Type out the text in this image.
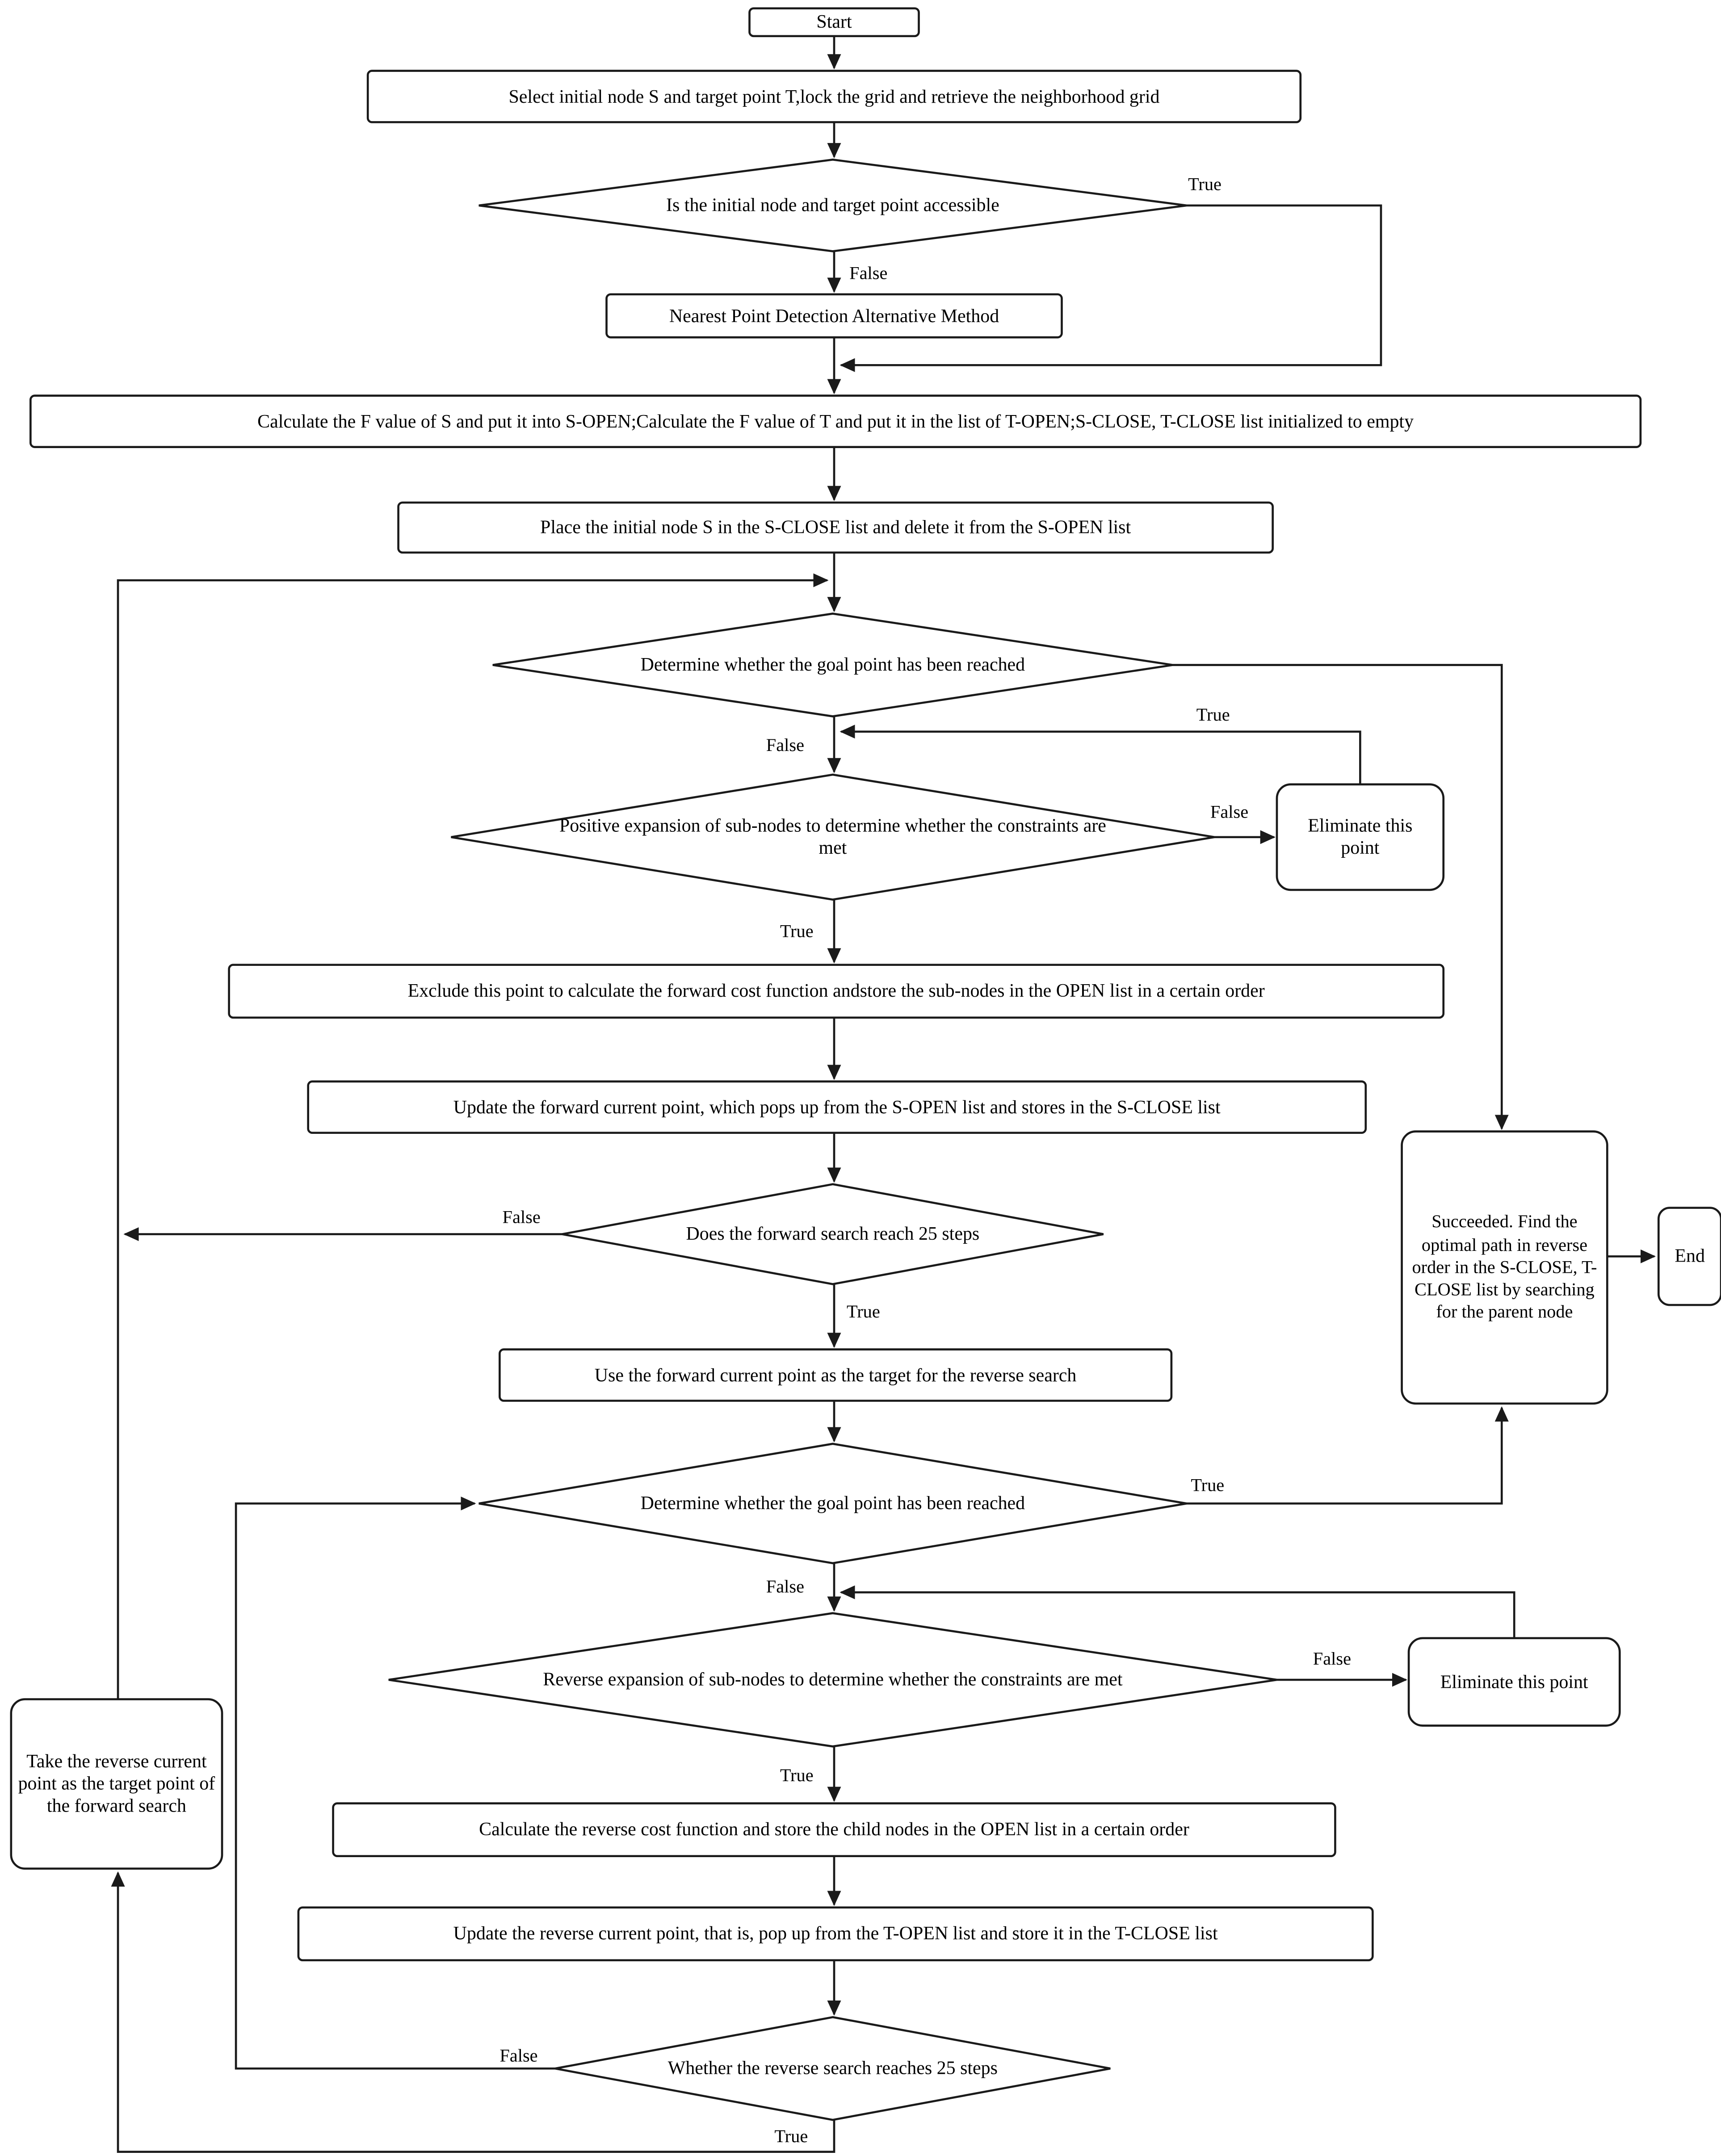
Start
Select initial node S and target point T,lock the grid and retrieve the neighborhood grid
Is the initial node and target point accessible
Nearest Point Detection Alternative Method
Calculate the F value of S and put it into S-OPEN;Calculate the F value of T and put it in the list of T-OPEN;S-CLOSE, T-CLOSE list initialized to empty
Place the initial node S in the S-CLOSE list and delete it from the S-OPEN list
Determine whether the goal point has been reached
Positive expansion of sub-nodes to determine whether the constraints are met
Eliminate this point
Exclude this point to calculate the forward cost function andstore the sub-nodes in the OPEN list in a certain order
Update the forward current point, which pops up from the S-OPEN list and stores in the S-CLOSE list
Does the forward search reach 25 steps
Use the forward current point as the target for the reverse search
Determine whether the goal point has been reached
Reverse expansion of sub-nodes to determine whether the constraints are met	Eliminate this point
Calculate the reverse cost function and store the child nodes in the OPEN list in a certain order
Update the reverse current point, that is, pop up from the T-OPEN list and store it in the T-CLOSE list
Whether the reverse search reaches 25 steps
Take the reverse current point as the target point of the forward search
Succeeded. Find the optimal path in reverse order in the S-CLOSE, T-CLOSE list by searching for the parent node
End
True
False
True
False
False
True
False
True
True
False
False
True
False
True
